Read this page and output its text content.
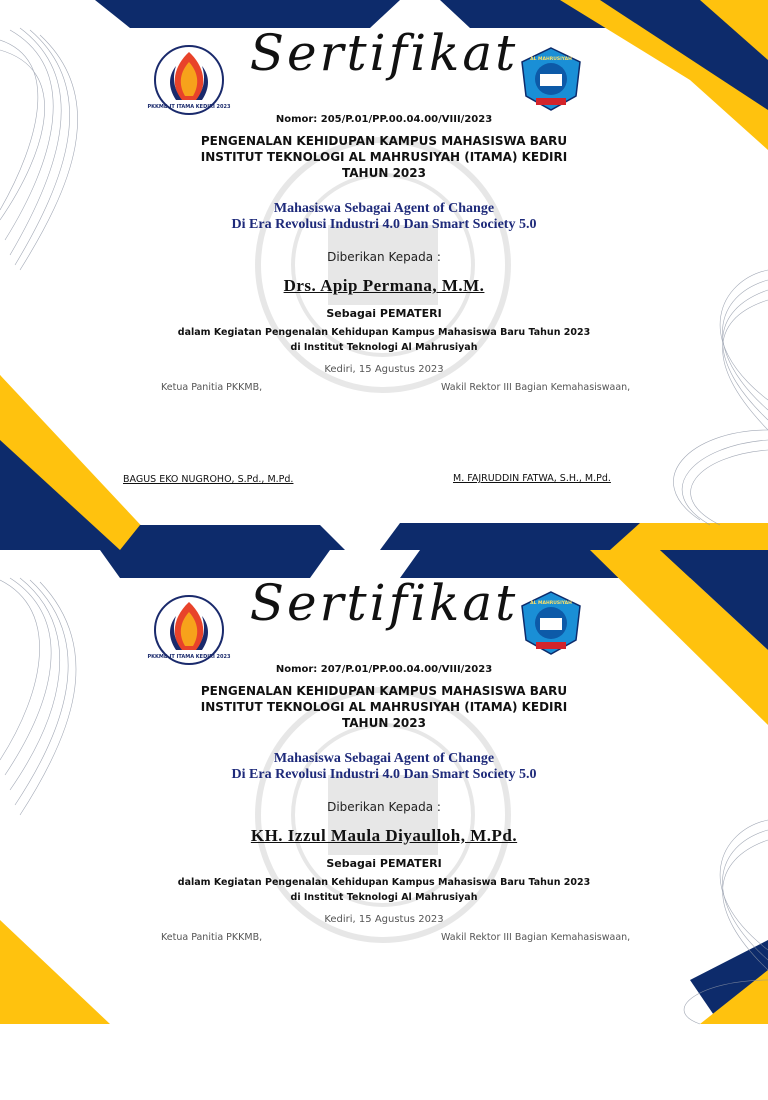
PKKMB IT ITAMA KEDIRI 2023
AL MAHRUSIYAH
Sertifikat
Nomor: 205/P.01/PP.00.04.00/VIII/2023
PENGENALAN KEHIDUPAN KAMPUS MAHASISWA BARU
INSTITUT TEKNOLOGI AL MAHRUSIYAH (ITAMA) KEDIRI
TAHUN 2023
Mahasiswa Sebagai Agent of Change
Di Era Revolusi Industri 4.0 Dan Smart Society 5.0
Diberikan Kepada :
Drs. Apip Permana, M.M.
Sebagai PEMATERI
dalam Kegiatan Pengenalan Kehidupan Kampus Mahasiswa Baru Tahun 2023
di Institut Teknologi Al Mahrusiyah
Kediri, 15 Agustus 2023
Ketua Panitia PKKMB,	Wakil Rektor III Bagian Kemahasiswaan,
BAGUS EKO NUGROHO, S.Pd., M.Pd.	M. FAJRUDDIN FATWA, S.H., M.Pd.
PKKMB IT ITAMA KEDIRI 2023
AL MAHRUSIYAH
Sertifikat
Nomor: 207/P.01/PP.00.04.00/VIII/2023
PENGENALAN KEHIDUPAN KAMPUS MAHASISWA BARU
INSTITUT TEKNOLOGI AL MAHRUSIYAH (ITAMA) KEDIRI
TAHUN 2023
Mahasiswa Sebagai Agent of Change
Di Era Revolusi Industri 4.0 Dan Smart Society 5.0
Diberikan Kepada :
KH. Izzul Maula Diyaulloh, M.Pd.
Sebagai PEMATERI
dalam Kegiatan Pengenalan Kehidupan Kampus Mahasiswa Baru Tahun 2023
di Institut Teknologi Al Mahrusiyah
Kediri, 15 Agustus 2023
Ketua Panitia PKKMB,	Wakil Rektor III Bagian Kemahasiswaan,
